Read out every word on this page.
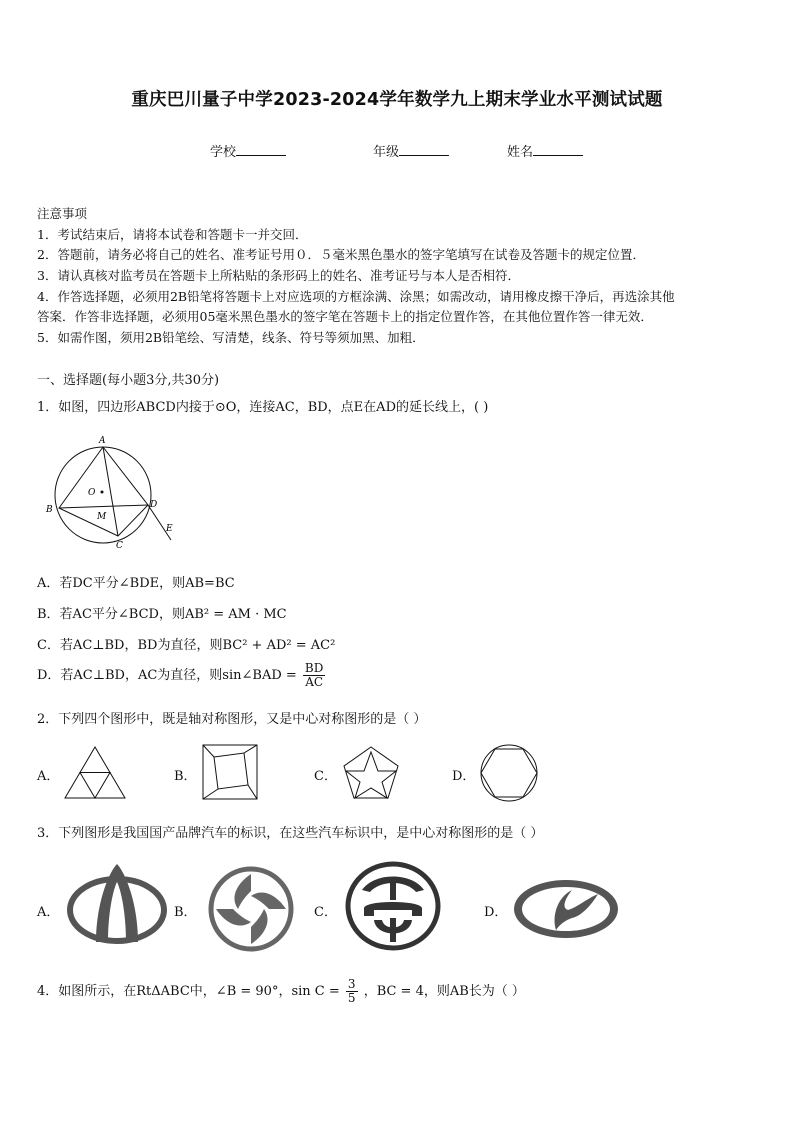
重庆巴川量子中学2023-2024学年数学九上期末学业水平测试试题
学校	年级	姓名
注意事项
1．考试结束后，请将本试卷和答题卡一并交回．
2．答题前，请务必将自己的姓名、准考证号用０．５毫米黑色墨水的签字笔填写在试卷及答题卡的规定位置．
3．请认真核对监考员在答题卡上所粘贴的条形码上的姓名、准考证号与本人是否相符．
4．作答选择题，必须用2B铅笔将答题卡上对应选项的方框涂满、涂黑；如需改动，请用橡皮擦干净后，再选涂其他
答案．作答非选择题，必须用05毫米黑色墨水的签字笔在答题卡上的指定位置作答，在其他位置作答一律无效．
5．如需作图，须用2B铅笔绘、写清楚，线条、符号等须加黑、加粗．
一、选择题(每小题3分,共30分)
1．如图，四边形ABCD内接于⊙O，连接AC，BD，点E在AD的延长线上，( )
A
B
C
D
E
O
M
A．若DC平分∠BDE，则AB=BC
B．若AC平分∠BCD，则AB² = AM · MC
C．若AC⊥BD，BD为直径，则BC² + AD² = AC²
D．若AC⊥BD，AC为直径，则sin∠BAD = $\frac{BD}{AC}$
2．下列四个图形中，既是轴对称图形，又是中心对称图形的是（ ）
A．	B．	C．	D．
3．下列图形是我国国产品牌汽车的标识，在这些汽车标识中，是中心对称图形的是（ ）
A．	B．	C．	D．
4．如图所示，在RtΔABC中，∠B = 90°，$\sin C = \frac{3}{5}$ ，BC = 4，则AB长为（ ）
